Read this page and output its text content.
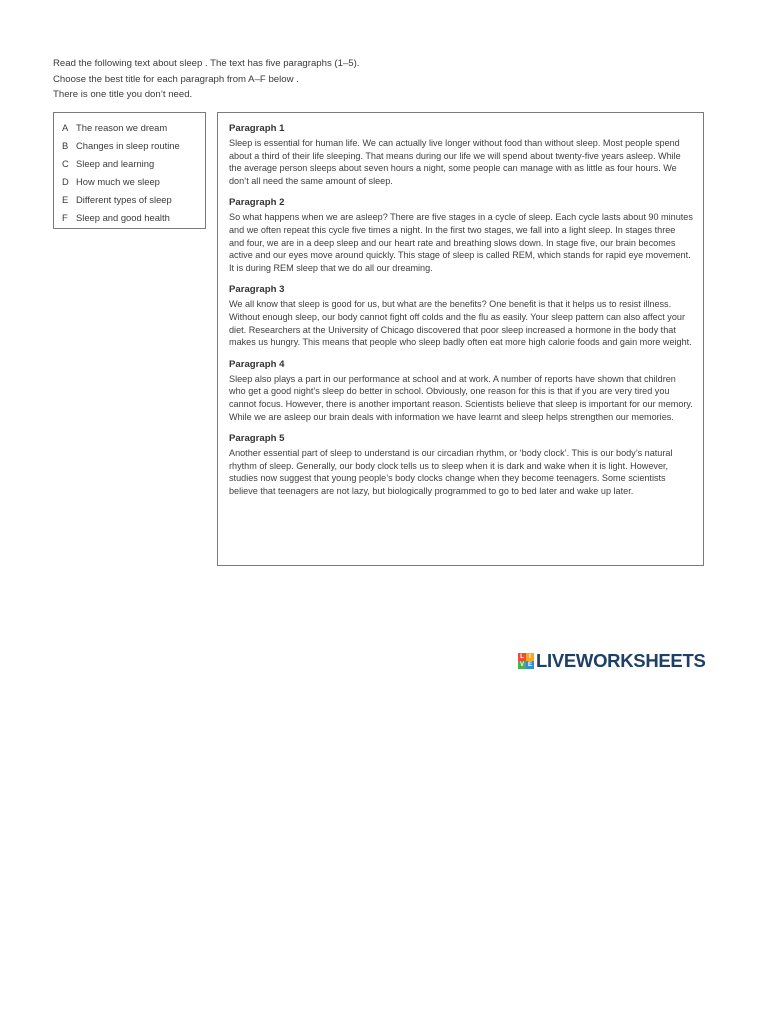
Read the following text about sleep . The text has five paragraphs (1–5).

Choose the best title for each paragraph from A–F below .

There is one title you don’t need.

A The reason we dream
B Changes in sleep routine
C Sleep and learning
D How much we sleep
E Different types of sleep
F Sleep and good health

Paragraph 1

Sleep is essential for human life. We can actually live longer without food than without sleep. Most people spend about a third of their life sleeping. That means during our life we will spend about twenty-five years asleep. While the average person sleeps about seven hours a night, some people can manage with as little as four hours. We don’t all need the same amount of sleep.

Paragraph 2

So what happens when we are asleep? There are five stages in a cycle of sleep. Each cycle lasts about 90 minutes and we often repeat this cycle five times a night. In the first two stages, we fall into a light sleep. In stages three and four, we are in a deep sleep and our heart rate and breathing slows down. In stage five, our brain becomes active and our eyes move around quickly. This stage of sleep is called REM, which stands for rapid eye movement. It is during REM sleep that we do all our dreaming.

Paragraph 3

We all know that sleep is good for us, but what are the benefits? One benefit is that it helps us to resist illness. Without enough sleep, our body cannot fight off colds and the flu as easily. Your sleep pattern can also affect your diet. Researchers at the University of Chicago discovered that poor sleep increased a hormone in the body that makes us hungry. This means that people who sleep badly often eat more high calorie foods and gain more weight.

Paragraph 4

Sleep also plays a part in our performance at school and at work. A number of reports have shown that children who get a good night’s sleep do better in school. Obviously, one reason for this is that if you are very tired you cannot focus. However, there is another important reason. Scientists believe that sleep is important for our memory. While we are asleep our brain deals with information we have learnt and sleep helps strengthen our memories.

Paragraph 5

Another essential part of sleep to understand is our circadian rhythm, or ‘body clock’. This is our body’s natural rhythm of sleep. Generally, our body clock tells us to sleep when it is dark and wake when it is light. However, studies now suggest that young people’s body clocks change when they become teenagers. Some scientists believe that teenagers are not lazy, but biologically programmed to go to bed later and wake up later.

L I
V E LIVEWORKSHEETS
